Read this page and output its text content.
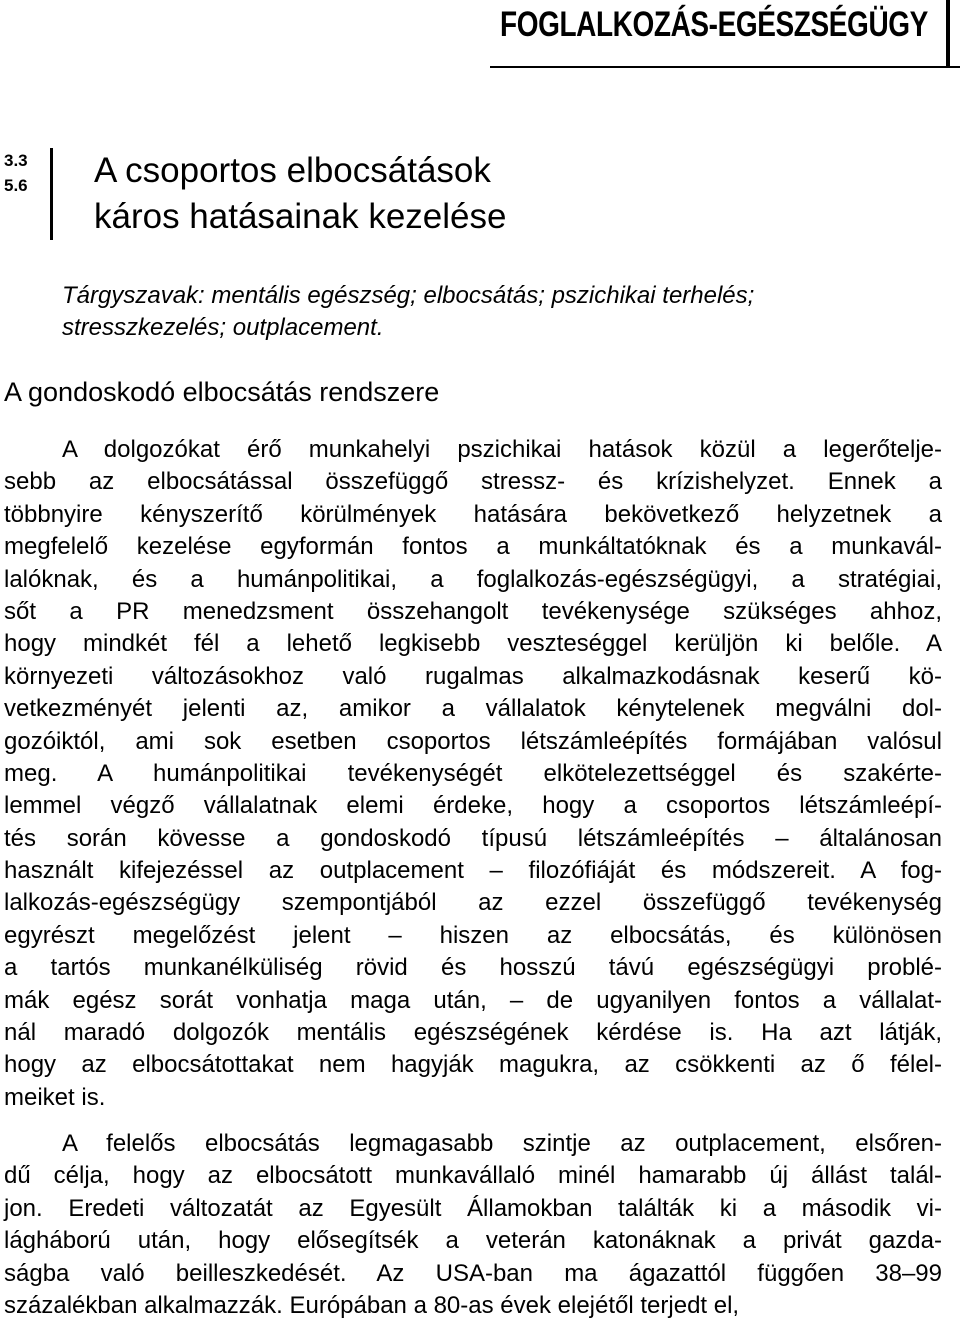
FOGLALKOZÁS-EGÉSZSÉGÜGY
3.3
5.6 A csoportos elbocsátások
káros hatásainak kezelése
Tárgyszavak: mentális egészség; elbocsátás; pszichikai terhelés;
stresszkezelés; outplacement.
A gondoskodó elbocsátás rendszere
A dolgozókat érő munkahelyi pszichikai hatások közül a legerőtelje-
sebb az elbocsátással összefüggő stressz- és krízishelyzet. Ennek a
többnyire kényszerítő körülmények hatására bekövetkező helyzetnek a
megfelelő kezelése egyformán fontos a munkáltatóknak és a munkavál-
lalóknak, és a humánpolitikai, a foglalkozás-egészségügyi, a stratégiai,
sőt a PR menedzsment összehangolt tevékenysége szükséges ahhoz,
hogy mindkét fél a lehető legkisebb veszteséggel kerüljön ki belőle. A
környezeti változásokhoz való rugalmas alkalmazkodásnak keserű kö-
vetkezményét jelenti az, amikor a vállalatok kénytelenek megválni dol-
gozóiktól, ami sok esetben csoportos létszámleépítés formájában valósul
meg. A humánpolitikai tevékenységét elkötelezettséggel és szakérte-
lemmel végző vállalatnak elemi érdeke, hogy a csoportos létszámleépí-
tés során kövesse a gondoskodó típusú létszámleépítés – általánosan
használt kifejezéssel az outplacement – filozófiáját és módszereit. A fog-
lalkozás-egészségügy szempontjából az ezzel összefüggő tevékenység
egyrészt megelőzést jelent – hiszen az elbocsátás, és különösen
a tartós munkanélküliség rövid és hosszú távú egészségügyi problé-
mák egész sorát vonhatja maga után, – de ugyanilyen fontos a vállalat-
nál maradó dolgozók mentális egészségének kérdése is. Ha azt látják,
hogy az elbocsátottakat nem hagyják magukra, az csökkenti az ő félel-
meiket is.
A felelős elbocsátás legmagasabb szintje az outplacement, elsőren-
dű célja, hogy az elbocsátott munkavállaló minél hamarabb új állást talál-
jon. Eredeti változatát az Egyesült Államokban találták ki a második vi-
lágháború után, hogy elősegítsék a veterán katonáknak a privát gazda-
ságba való beilleszkedését. Az USA-ban ma ágazattól függően 38–99
százalékban alkalmazzák. Európában a 80-as évek elejétől terjedt el,
